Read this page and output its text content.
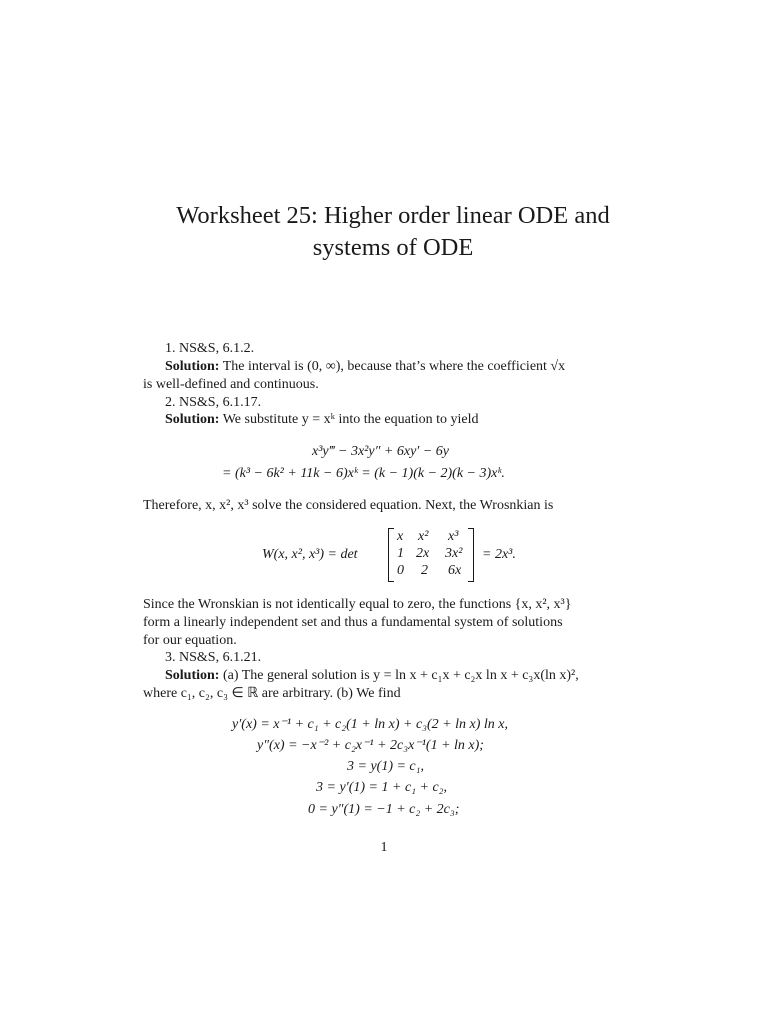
Worksheet 25: Higher order linear ODE and
systems of ODE
1. NS&S, 6.1.2.
Solution: The interval is (0, ∞), because that’s where the coefficient √x
is well-defined and continuous.
2. NS&S, 6.1.17.
Solution: We substitute y = xᵏ into the equation to yield
x³y‴ − 3x²y″ + 6xy′ − 6y
= (k³ − 6k² + 11k − 6)xᵏ = (k − 1)(k − 2)(k − 3)xᵏ.
Therefore, x, x², x³ solve the considered equation. Next, the Wrosnkian is
W(x, x², x³) = det
x x² x³
1 2x 3x²
0 2 6x
= 2x³.
Since the Wronskian is not identically equal to zero, the functions {x, x², x³}
form a linearly independent set and thus a fundamental system of solutions
for our equation.
3. NS&S, 6.1.21.
Solution: (a) The general solution is y = ln x + c₁x + c₂x ln x + c₃x(ln x)²,
where c₁, c₂, c₃ ∈ ℝ are arbitrary. (b) We find
y′(x) = x⁻¹ + c₁ + c₂(1 + ln x) + c₃(2 + ln x) ln x,
y″(x) = −x⁻² + c₂x⁻¹ + 2c₃x⁻¹(1 + ln x);
3 = y(1) = c₁,
3 = y′(1) = 1 + c₁ + c₂,
0 = y″(1) = −1 + c₂ + 2c₃;
1
